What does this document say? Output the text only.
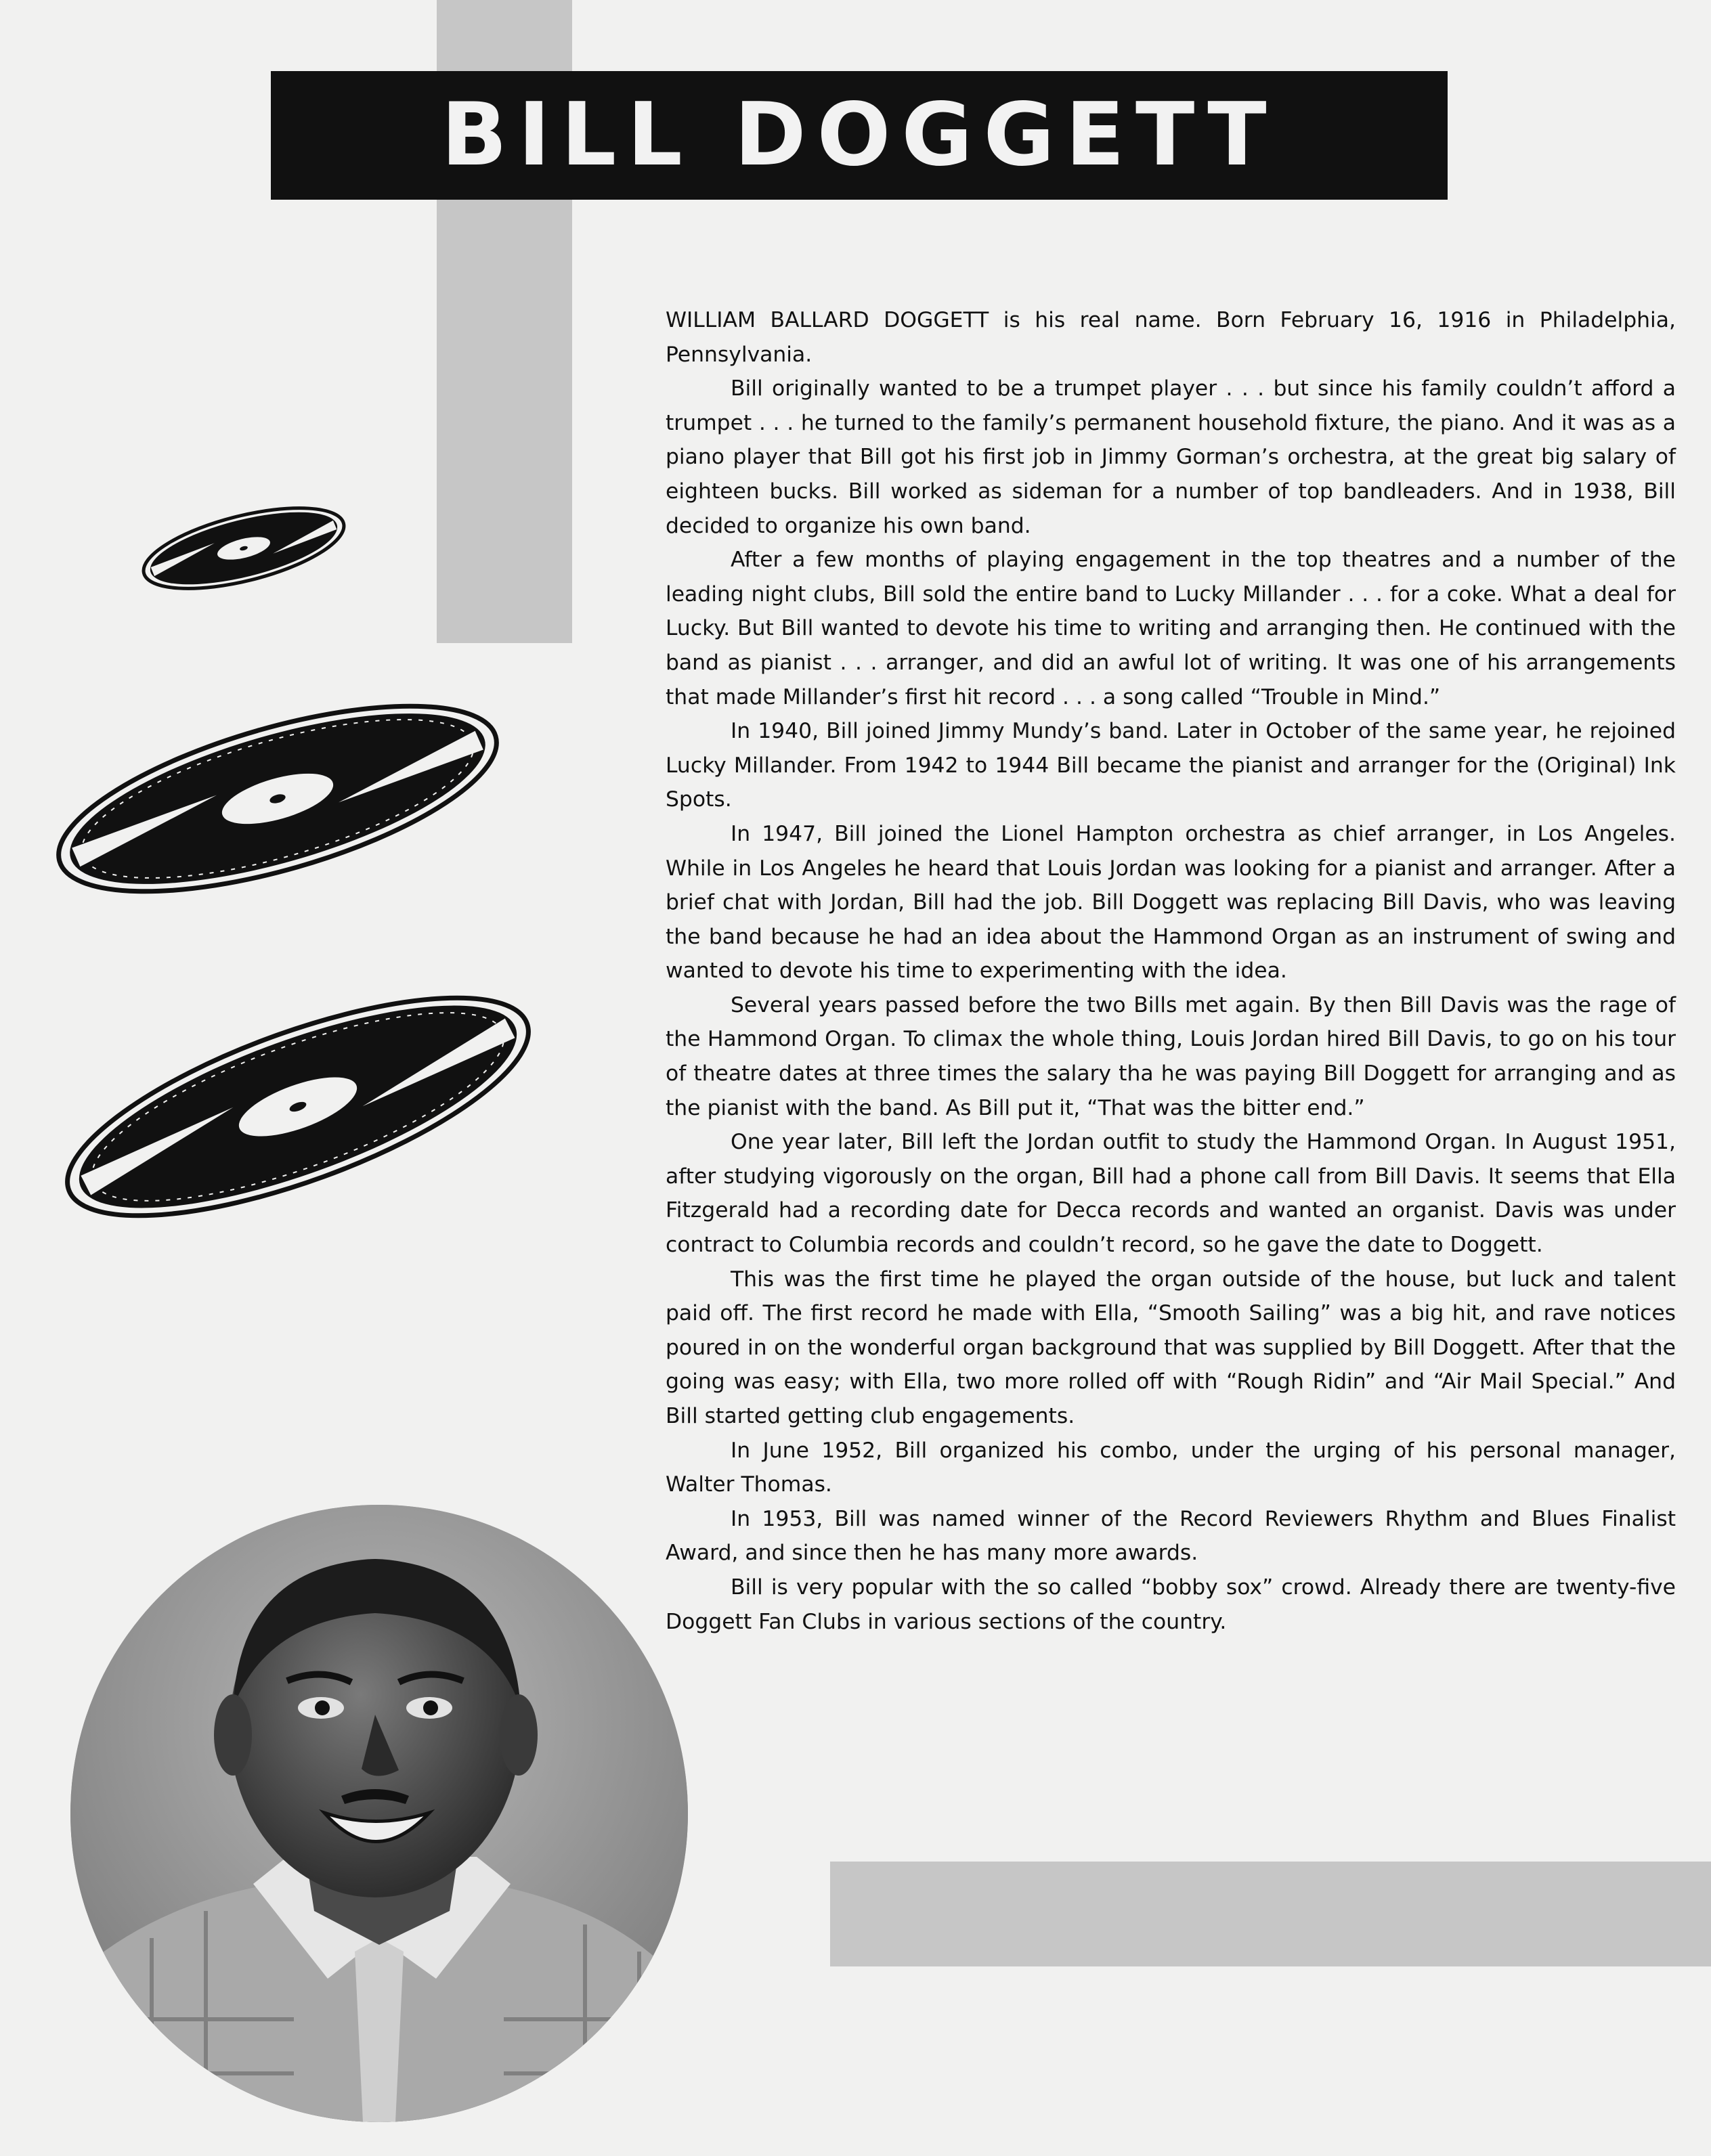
BILL DOGGETT

WILLIAM BALLARD DOGGETT is his real name. Born February 16, 1916 in Philadelphia, Pennsylvania.

Bill originally wanted to be a trumpet player . . . but since his family couldn’t afford a trumpet . . . he turned to the family’s permanent household fixture, the piano. And it was as a piano player that Bill got his first job in Jimmy Gorman’s orchestra, at the great big salary of eighteen bucks. Bill worked as sideman for a number of top bandleaders. And in 1938, Bill decided to organize his own band.

After a few months of playing engagement in the top theatres and a number of the leading night clubs, Bill sold the entire band to Lucky Millander . . . for a coke. What a deal for Lucky. But Bill wanted to devote his time to writing and arranging then. He continued with the band as pianist . . . arranger, and did an awful lot of writing. It was one of his arrangements that made Millander’s first hit record . . . a song called “Trouble in Mind.”

In 1940, Bill joined Jimmy Mundy’s band. Later in October of the same year, he rejoined Lucky Millander. From 1942 to 1944 Bill became the pianist and arranger for the (Original) Ink Spots.

In 1947, Bill joined the Lionel Hampton orchestra as chief arranger, in Los Angeles. While in Los Angeles he heard that Louis Jordan was looking for a pianist and arranger. After a brief chat with Jordan, Bill had the job. Bill Doggett was replacing Bill Davis, who was leaving the band because he had an idea about the Hammond Organ as an instrument of swing and wanted to devote his time to experimenting with the idea.

Several years passed before the two Bills met again. By then Bill Davis was the rage of the Hammond Organ. To climax the whole thing, Louis Jordan hired Bill Davis, to go on his tour of theatre dates at three times the salary tha he was paying Bill Doggett for arranging and as the pianist with the band. As Bill put it, “That was the bitter end.”

One year later, Bill left the Jordan outfit to study the Hammond Organ. In August 1951, after studying vigorously on the organ, Bill had a phone call from Bill Davis. It seems that Ella Fitzgerald had a recording date for Decca records and wanted an organist. Davis was under contract to Columbia records and couldn’t record, so he gave the date to Doggett.

This was the first time he played the organ outside of the house, but luck and talent paid off. The first record he made with Ella, “Smooth Sailing” was a big hit, and rave notices poured in on the wonderful organ background that was supplied by Bill Doggett. After that the going was easy; with Ella, two more rolled off with “Rough Ridin” and “Air Mail Special.” And Bill started getting club engagements.

In June 1952, Bill organized his combo, under the urging of his personal manager, Walter Thomas.

In 1953, Bill was named winner of the Record Reviewers Rhythm and Blues Finalist Award, and since then he has many more awards.

Bill is very popular with the so called “bobby sox” crowd. Already there are twenty-five Doggett Fan Clubs in various sections of the country.
